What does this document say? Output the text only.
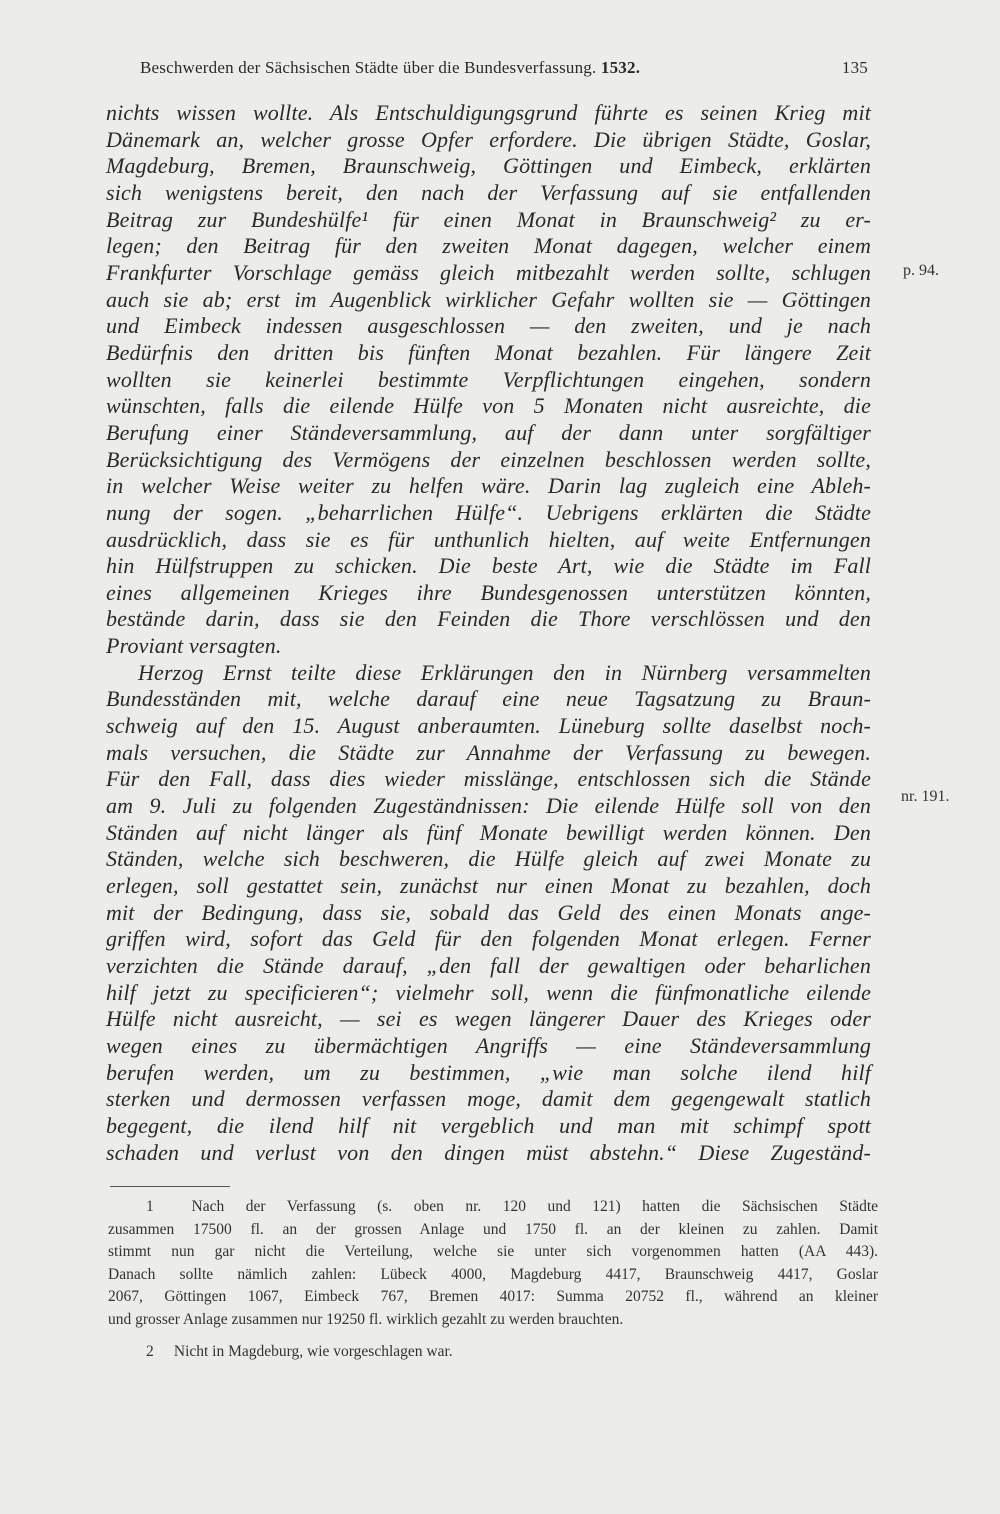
Beschwerden der Sächsischen Städte über die Bundesverfassung. 1532.	135
nichts wissen wollte. Als Entschuldigungsgrund führte es seinen Krieg mit
Dänemark an, welcher grosse Opfer erfordere. Die übrigen Städte, Goslar,
Magdeburg, Bremen, Braunschweig, Göttingen und Eimbeck, erklärten
sich wenigstens bereit, den nach der Verfassung auf sie entfallenden
Beitrag zur Bundeshülfe¹ für einen Monat in Braunschweig² zu er-
legen; den Beitrag für den zweiten Monat dagegen, welcher einem
Frankfurter Vorschlage gemäss gleich mitbezahlt werden sollte, schlugen
auch sie ab; erst im Augenblick wirklicher Gefahr wollten sie — Göttingen
und Eimbeck indessen ausgeschlossen — den zweiten, und je nach
Bedürfnis den dritten bis fünften Monat bezahlen. Für längere Zeit
wollten sie keinerlei bestimmte Verpflichtungen eingehen, sondern
wünschten, falls die eilende Hülfe von 5 Monaten nicht ausreichte, die
Berufung einer Ständeversammlung, auf der dann unter sorgfältiger
Berücksichtigung des Vermögens der einzelnen beschlossen werden sollte,
in welcher Weise weiter zu helfen wäre. Darin lag zugleich eine Ableh-
nung der sogen. „beharrlichen Hülfe“. Uebrigens erklärten die Städte
ausdrücklich, dass sie es für unthunlich hielten, auf weite Entfernungen
hin Hülfstruppen zu schicken. Die beste Art, wie die Städte im Fall
eines allgemeinen Krieges ihre Bundesgenossen unterstützen könnten,
bestände darin, dass sie den Feinden die Thore verschlössen und den
Proviant versagten.
Herzog Ernst teilte diese Erklärungen den in Nürnberg versammelten
Bundesständen mit, welche darauf eine neue Tagsatzung zu Braun-
schweig auf den 15. August anberaumten. Lüneburg sollte daselbst noch-
mals versuchen, die Städte zur Annahme der Verfassung zu bewegen.
Für den Fall, dass dies wieder misslänge, entschlossen sich die Stände
am 9. Juli zu folgenden Zugeständnissen: Die eilende Hülfe soll von den
Ständen auf nicht länger als fünf Monate bewilligt werden können. Den
Ständen, welche sich beschweren, die Hülfe gleich auf zwei Monate zu
erlegen, soll gestattet sein, zunächst nur einen Monat zu bezahlen, doch
mit der Bedingung, dass sie, sobald das Geld des einen Monats ange-
griffen wird, sofort das Geld für den folgenden Monat erlegen. Ferner
verzichten die Stände darauf, „den fall der gewaltigen oder beharlichen
hilf jetzt zu specificieren“; vielmehr soll, wenn die fünfmonatliche eilende
Hülfe nicht ausreicht, — sei es wegen längerer Dauer des Krieges oder
wegen eines zu übermächtigen Angriffs — eine Ständeversammlung
berufen werden, um zu bestimmen, „wie man solche ilend hilf
sterken und dermossen verfassen moge, damit dem gegengewalt statlich
begegent, die ilend hilf nit vergeblich und man mit schimpf spott
schaden und verlust von den dingen müst abstehn.“ Diese Zugeständ-
p. 94.
nr. 191.
1 Nach der Verfassung (s. oben nr. 120 und 121) hatten die Sächsischen Städte
zusammen 17500 fl. an der grossen Anlage und 1750 fl. an der kleinen zu zahlen. Damit
stimmt nun gar nicht die Verteilung, welche sie unter sich vorgenommen hatten (AA 443).
Danach sollte nämlich zahlen: Lübeck 4000, Magdeburg 4417, Braunschweig 4417, Goslar
2067, Göttingen 1067, Eimbeck 767, Bremen 4017: Summa 20752 fl., während an kleiner
und grosser Anlage zusammen nur 19250 fl. wirklich gezahlt zu werden brauchten.
2 Nicht in Magdeburg, wie vorgeschlagen war.
